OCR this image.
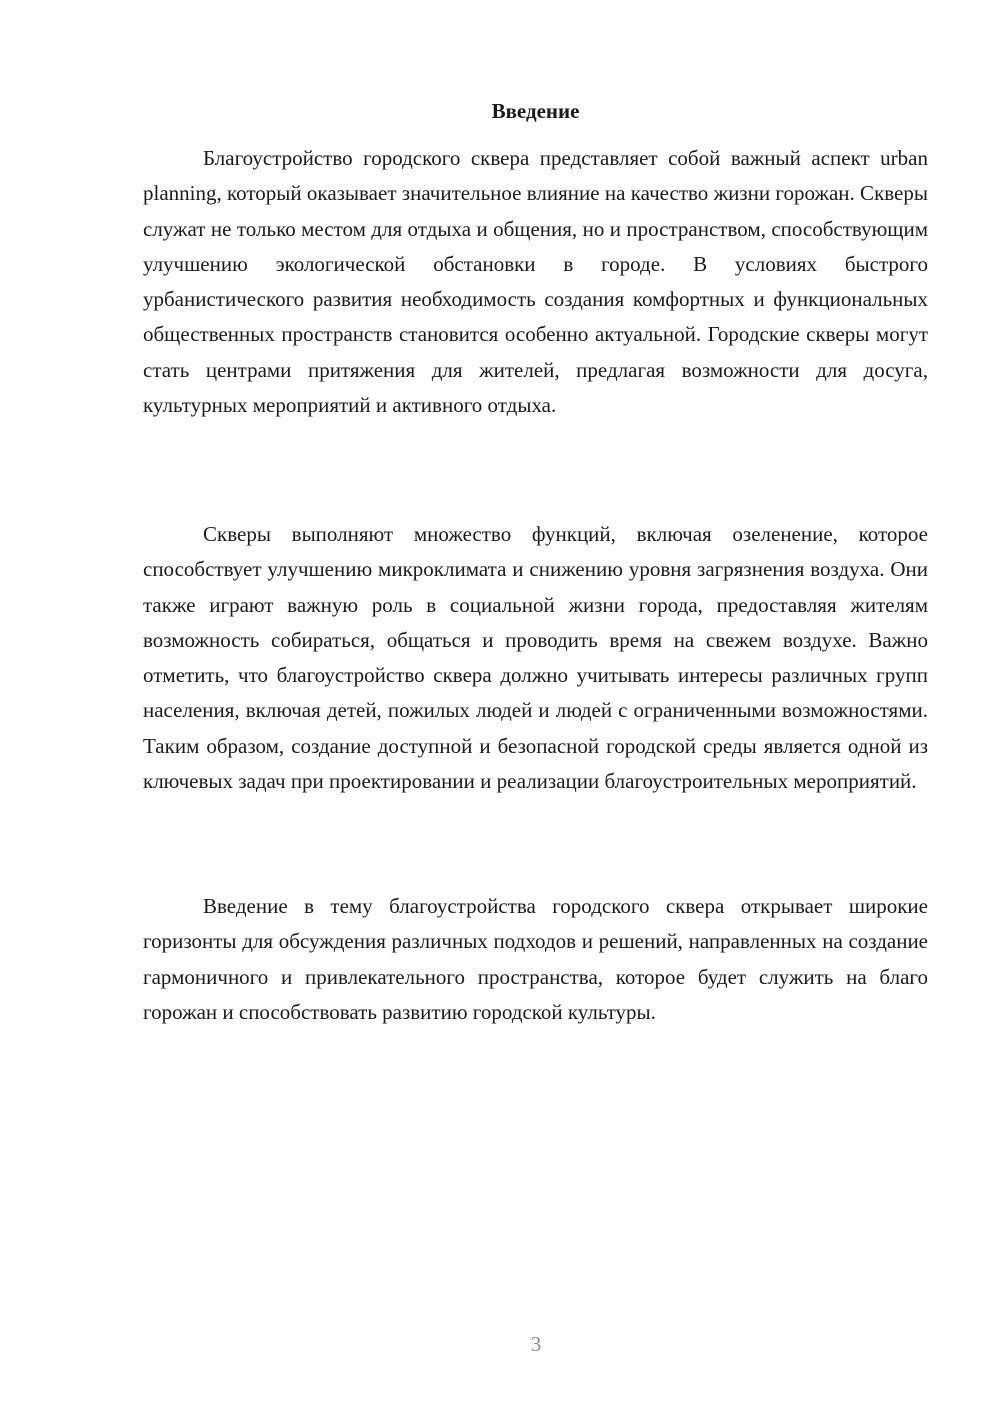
Введение

Благоустройство городского сквера представляет собой важный аспект urban planning, который оказывает значительное влияние на качество жизни горожан. Скверы служат не только местом для отдыха и общения, но и пространством, способствующим улучшению экологической обстановки в городе. В условиях быстрого урбанистического развития необходимость создания комфортных и функциональных общественных пространств становится особенно актуальной. Городские скверы могут стать центрами притяжения для жителей, предлагая возможности для досуга, культурных мероприятий и активного отдыха.

Скверы выполняют множество функций, включая озеленение, которое способствует улучшению микроклимата и снижению уровня загрязнения воздуха. Они также играют важную роль в социальной жизни города, предоставляя жителям возможность собираться, общаться и проводить время на свежем воздухе. Важно отметить, что благоустройство сквера должно учитывать интересы различных групп населения, включая детей, пожилых людей и людей с ограниченными возможностями. Таким образом, создание доступной и безопасной городской среды является одной из ключевых задач при проектировании и реализации благоустроительных мероприятий.

Введение в тему благоустройства городского сквера открывает широкие горизонты для обсуждения различных подходов и решений, направленных на создание гармоничного и привлекательного пространства, которое будет служить на благо горожан и способствовать развитию городской культуры.

3
